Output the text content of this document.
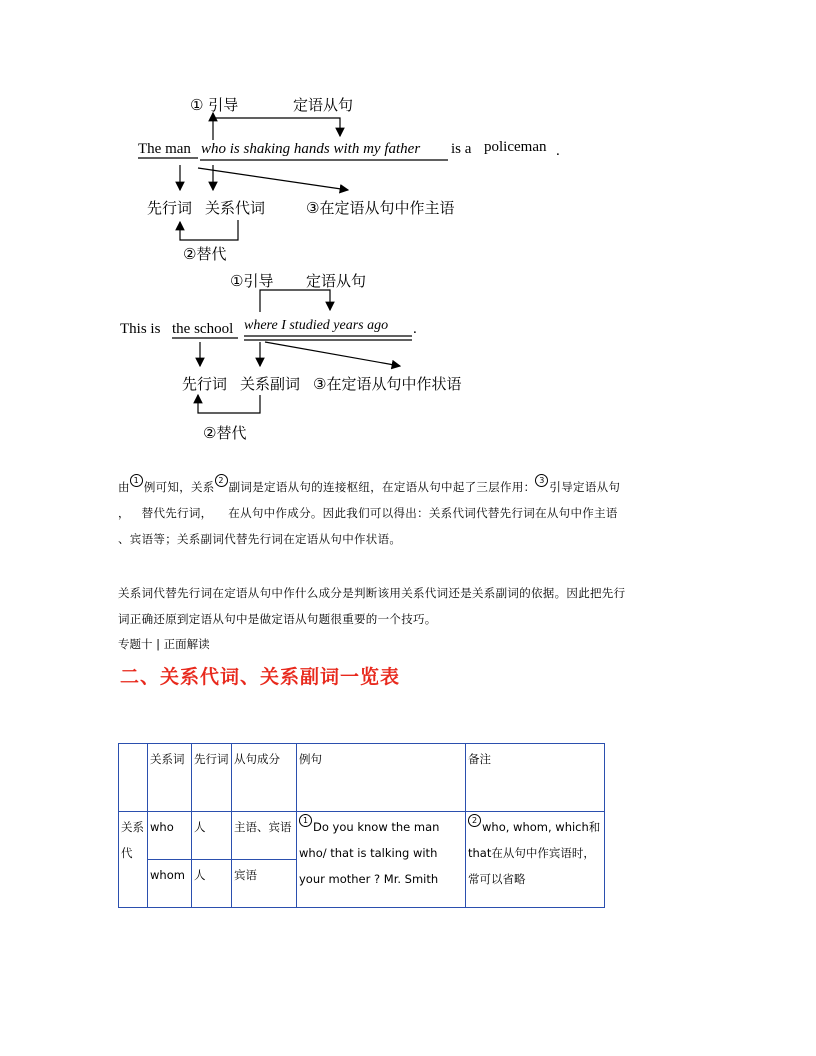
① 引导	定语从句
The man who is shaking hands with my father is a policeman .
先行词 关系代词	③在定语从句中作主语
②替代
①引导 定语从句
This is the school where I studied years ago .
先行词 关系副词 ③在定语从句中作状语
②替代
由 1 例可知，关系 2 副词是定语从句的连接枢纽，在定语从句中起了三层作用： 3 引导定语从句
，   替代先行词，    在从句中作成分。因此我们可以得出：关系代词代替先行词在从句中作主语
、宾语等；关系副词代替先行词在定语从句中作状语。
关系词代替先行词在定语从句中作什么成分是判断该用关系代词还是关系副词的依据。因此把先行
词正确还原到定语从句中是做定语从句题很重要的一个技巧。
专题十 | 正面解读
二、关系代词、关系副词一览表
	关系词	先行词	从句成分	例句	备注
关系代	who	人	主语、宾语	1 Do you know the man who/ that is talking with your mother ? Mr. Smith	2 who, whom, which和that在从句中作宾语时，常可以省略
	whom	人	宾语		
